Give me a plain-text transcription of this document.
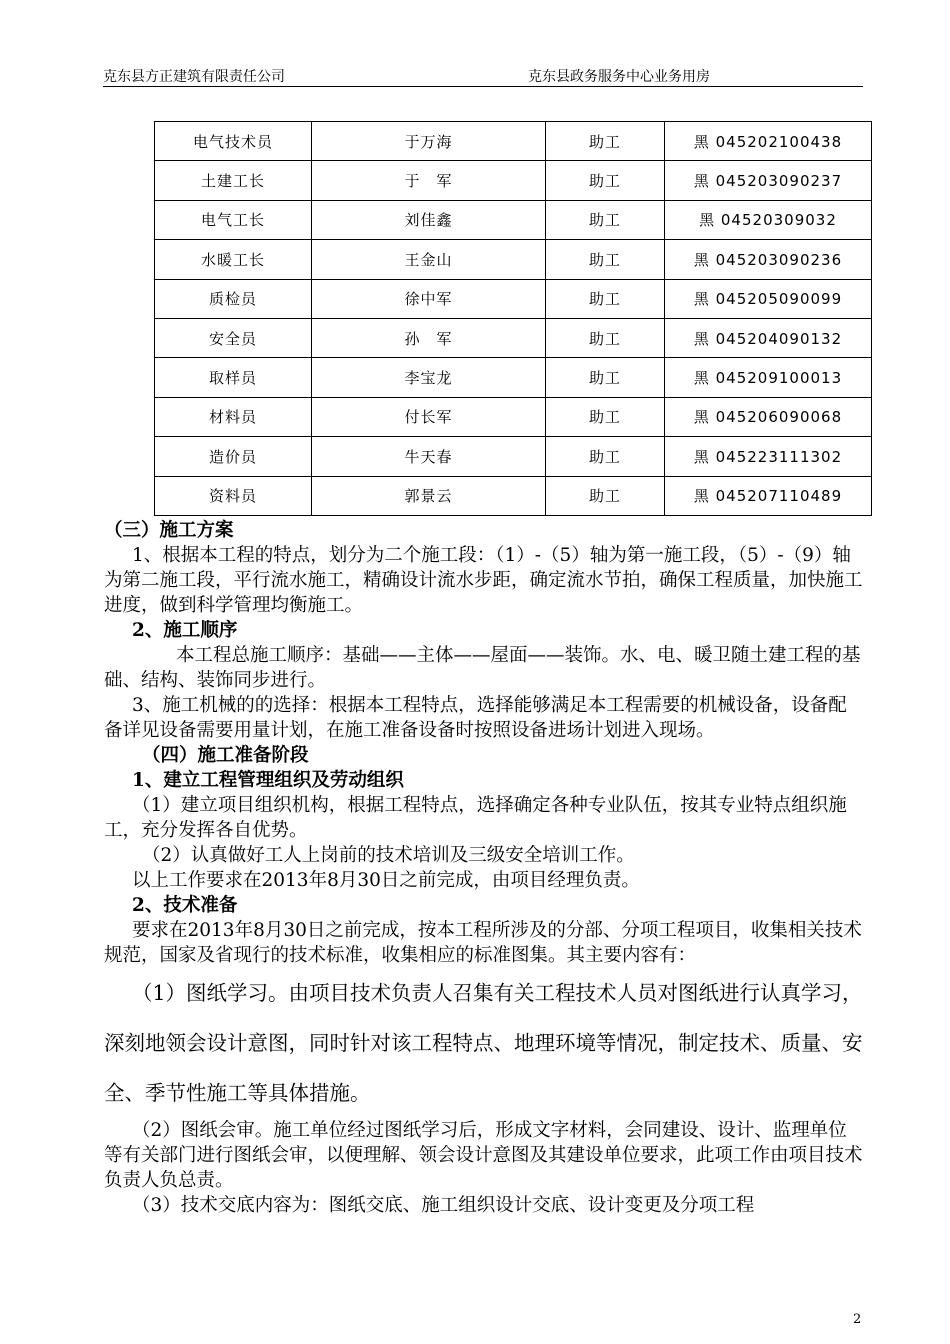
克东县方正建筑有限责任公司	克东县政务服务中心业务用房
电气技术员	于万海	助工	黑 045202100438
土建工长	于　军	助工	黑 045203090237
电气工长	刘佳鑫	助工	黑 04520309032
水暖工长	王金山	助工	黑 045203090236
质检员	徐中军	助工	黑 045205090099
安全员	孙　军	助工	黑 045204090132
取样员	李宝龙	助工	黑 045209100013
材料员	付长军	助工	黑 045206090068
造价员	牛天春	助工	黑 045223111302
资料员	郭景云	助工	黑 045207110489

（三）施工方案

1、根据本工程的特点，划分为二个施工段：（1）-（5）轴为第一施工段，（5）-（9）轴为第二施工段，平行流水施工，精确设计流水步距，确定流水节拍，确保工程质量，加快施工进度，做到科学管理均衡施工。

2、施工顺序

本工程总施工顺序：基础——主体——屋面——装饰。水、电、暖卫随土建工程的基础、结构、装饰同步进行。

3、施工机械的的选择：根据本工程特点，选择能够满足本工程需要的机械设备，设备配备详见设备需要用量计划，在施工准备设备时按照设备进场计划进入现场。

（四）施工准备阶段

1、建立工程管理组织及劳动组织

（1）建立项目组织机构，根据工程特点，选择确定各种专业队伍，按其专业特点组织施工，充分发挥各自优势。

（2）认真做好工人上岗前的技术培训及三级安全培训工作。

以上工作要求在2013年8月30日之前完成，由项目经理负责。

2、技术准备

要求在2013年8月30日之前完成，按本工程所涉及的分部、分项工程项目，收集相关技术规范，国家及省现行的技术标准，收集相应的标准图集。其主要内容有：

（1）图纸学习。由项目技术负责人召集有关工程技术人员对图纸进行认真学习，深刻地领会设计意图，同时针对该工程特点、地理环境等情况，制定技术、质量、安全、季节性施工等具体措施。

（2）图纸会审。施工单位经过图纸学习后，形成文字材料，会同建设、设计、监理单位等有关部门进行图纸会审，以便理解、领会设计意图及其建设单位要求，此项工作由项目技术负责人负总责。

（3）技术交底内容为：图纸交底、施工组织设计交底、设计变更及分项工程

2
